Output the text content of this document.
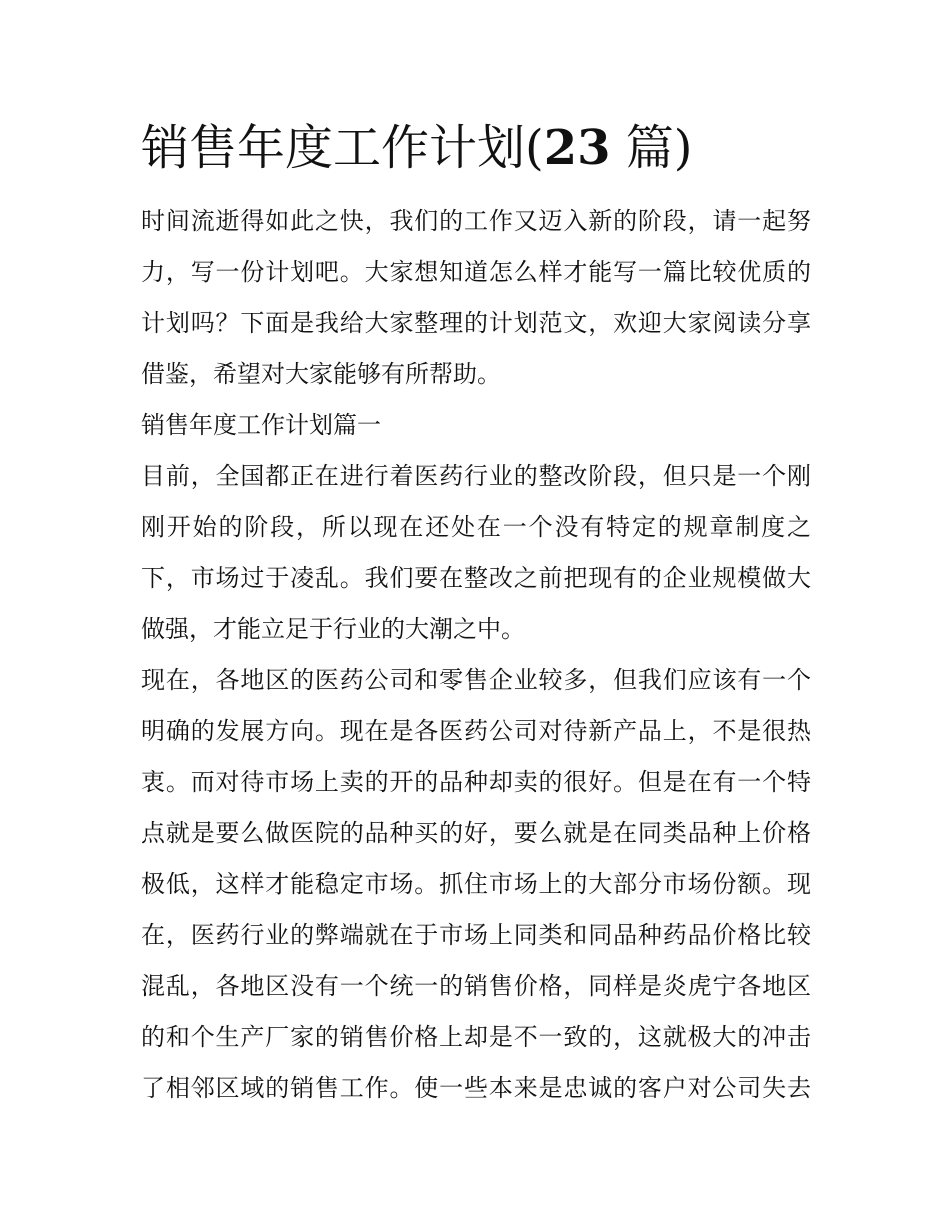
销售年度工作计划(23 篇)
时间流逝得如此之快，我们的工作又迈入新的阶段，请一起努
力，写一份计划吧。大家想知道怎么样才能写一篇比较优质的
计划吗？下面是我给大家整理的计划范文，欢迎大家阅读分享
借鉴，希望对大家能够有所帮助。
销售年度工作计划篇一
目前，全国都正在进行着医药行业的整改阶段，但只是一个刚
刚开始的阶段，所以现在还处在一个没有特定的规章制度之
下，市场过于凌乱。我们要在整改之前把现有的企业规模做大
做强，才能立足于行业的大潮之中。
现在，各地区的医药公司和零售企业较多，但我们应该有一个
明确的发展方向。现在是各医药公司对待新产品上，不是很热
衷。而对待市场上卖的开的品种却卖的很好。但是在有一个特
点就是要么做医院的品种买的好，要么就是在同类品种上价格
极低，这样才能稳定市场。抓住市场上的大部分市场份额。现
在，医药行业的弊端就在于市场上同类和同品种药品价格比较
混乱，各地区没有一个统一的销售价格，同样是炎虎宁各地区
的和个生产厂家的销售价格上却是不一致的，这就极大的冲击
了相邻区域的销售工作。使一些本来是忠诚的客户对公司失去
